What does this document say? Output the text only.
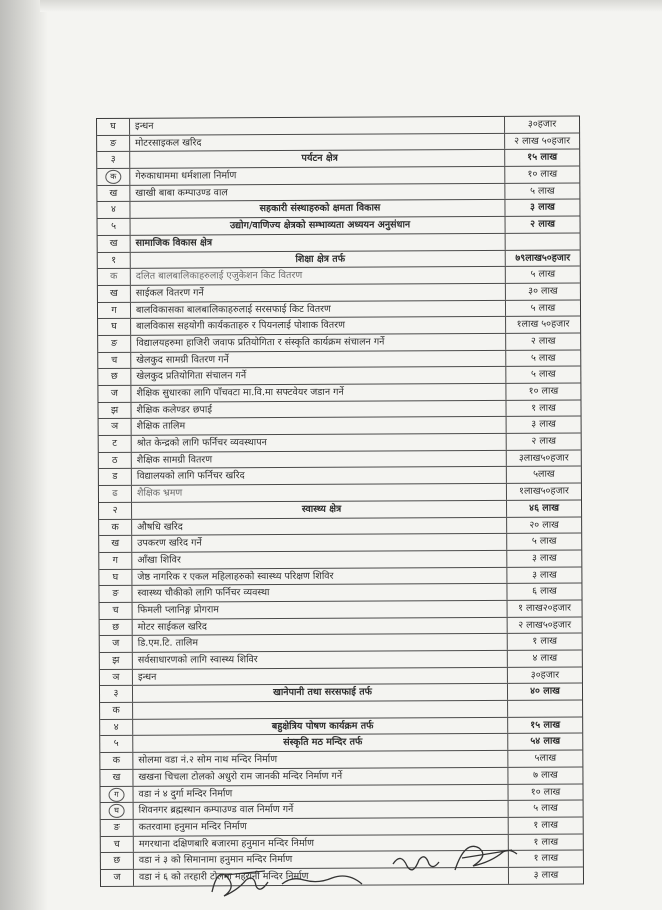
घ	इन्धन	३०हजार
ङ	मोटरसाइकल खरिद	२ लाख ५०हजार
३	पर्यटन क्षेत्र	१५ लाख
क	गेरुकाधाममा धर्मशाला निर्माण	१० लाख
ख	खाखी बाबा कम्पाउण्ड वाल	५ लाख
४	सहकारी संस्थाहरुको क्षमता विकास	३ लाख
५	उद्योग/वाणिज्य क्षेत्रको सम्भाव्यता अध्ययन अनुसंधान	२ लाख
ख	सामाजिक विकास क्षेत्र
१	शिक्षा क्षेत्र तर्फ	७९लाख५०हजार
क	दलित बालबालिकाहरुलाई एजुकेशन किट वितरण	५ लाख
ख	साईकल वितरण गर्ने	३० लाख
ग	बालविकासका बालबालिकाहरुलाई सरसफाई किट वितरण	५ लाख
घ	बालविकास सहयोगी कार्यकताहरु र पियनलाई पोशाक वितरण	१लाख ५०हजार
ङ	विद्यालयहरुमा हाजिरी जवाफ प्रतियोगिता र संस्कृति कार्यक्रम संचालन गर्ने	२ लाख
च	खेलकुद सामग्री वितरण गर्ने	५ लाख
छ	खेलकुद प्रतियोगिता संचालन गर्ने	५ लाख
ज	शैक्षिक सुधारका लागि पाँचवटा मा.वि.मा सफ्टवेयर जडान गर्ने	१० लाख
झ	शैक्षिक कलेण्डर छपाई	१ लाख
ञ	शैक्षिक तालिम	३ लाख
ट	श्रोत केन्द्रको लागि फर्निचर व्यवस्थापन	२ लाख
ठ	शैक्षिक सामग्री वितरण	३लाख५०हजार
ड	विद्यालयको लागि फर्निचर खरिद	५लाख
ढ	शैक्षिक भ्रमण	१लाख५०हजार
२	स्वास्थ्य क्षेत्र	४६ लाख
क	औषधि खरिद	२० लाख
ख	उपकरण खरिद गर्ने	५ लाख
ग	आँखा शिविर	३ लाख
घ	जेष्ठ नागरिक र एकल महिलाहरुको स्वास्थ्य परिक्षण शिविर	३ लाख
ङ	स्वास्थ्य चौकीको लागि फर्निचर व्यवस्था	६ लाख
च	फिमली प्लानिङ्ग प्रोगराम	१ लाख२०हजार
छ	मोटर साईकल खरिद	२ लाख५०हजार
ज	डि.एम.टि. तालिम	१ लाख
झ	सर्वसाधारणको लागि स्वास्थ्य शिविर	४ लाख
ञ	इन्धन	३०हजार
३	खानेपानी तथा सरसफाई तर्फ	४० लाख
क
४	बहुक्षेत्रिय पोषण कार्यक्रम तर्फ	१५ लाख
५	संस्कृति मठ मन्दिर तर्फ	५४ लाख
क	सोलमा वडा नं.२ सोम नाथ मन्दिर निर्माण	५लाख
ख	खखना चिचला टोलको अधुरो राम जानकी मन्दिर निर्माण गर्ने	७ लाख
ग	वडा नं ४ दुर्गा मन्दिर निर्माण	१० लाख
घ	शिवनगर ब्रह्मस्थान कम्पाउण्ड वाल निर्माण गर्ने	५ लाख
ङ	कतरवामा हनुमान मन्दिर निर्माण	१ लाख
च	मगरथाना दक्षिणबारि बजारमा हनुमान मन्दिर निर्माण	१ लाख
छ	वडा नं ३ को सिमानामा हनुमान मन्दिर निर्माण	१ लाख
ज	वडा नं ६ को तरहारी टोलमा महरानी मन्दिर निर्माण	३ लाख
